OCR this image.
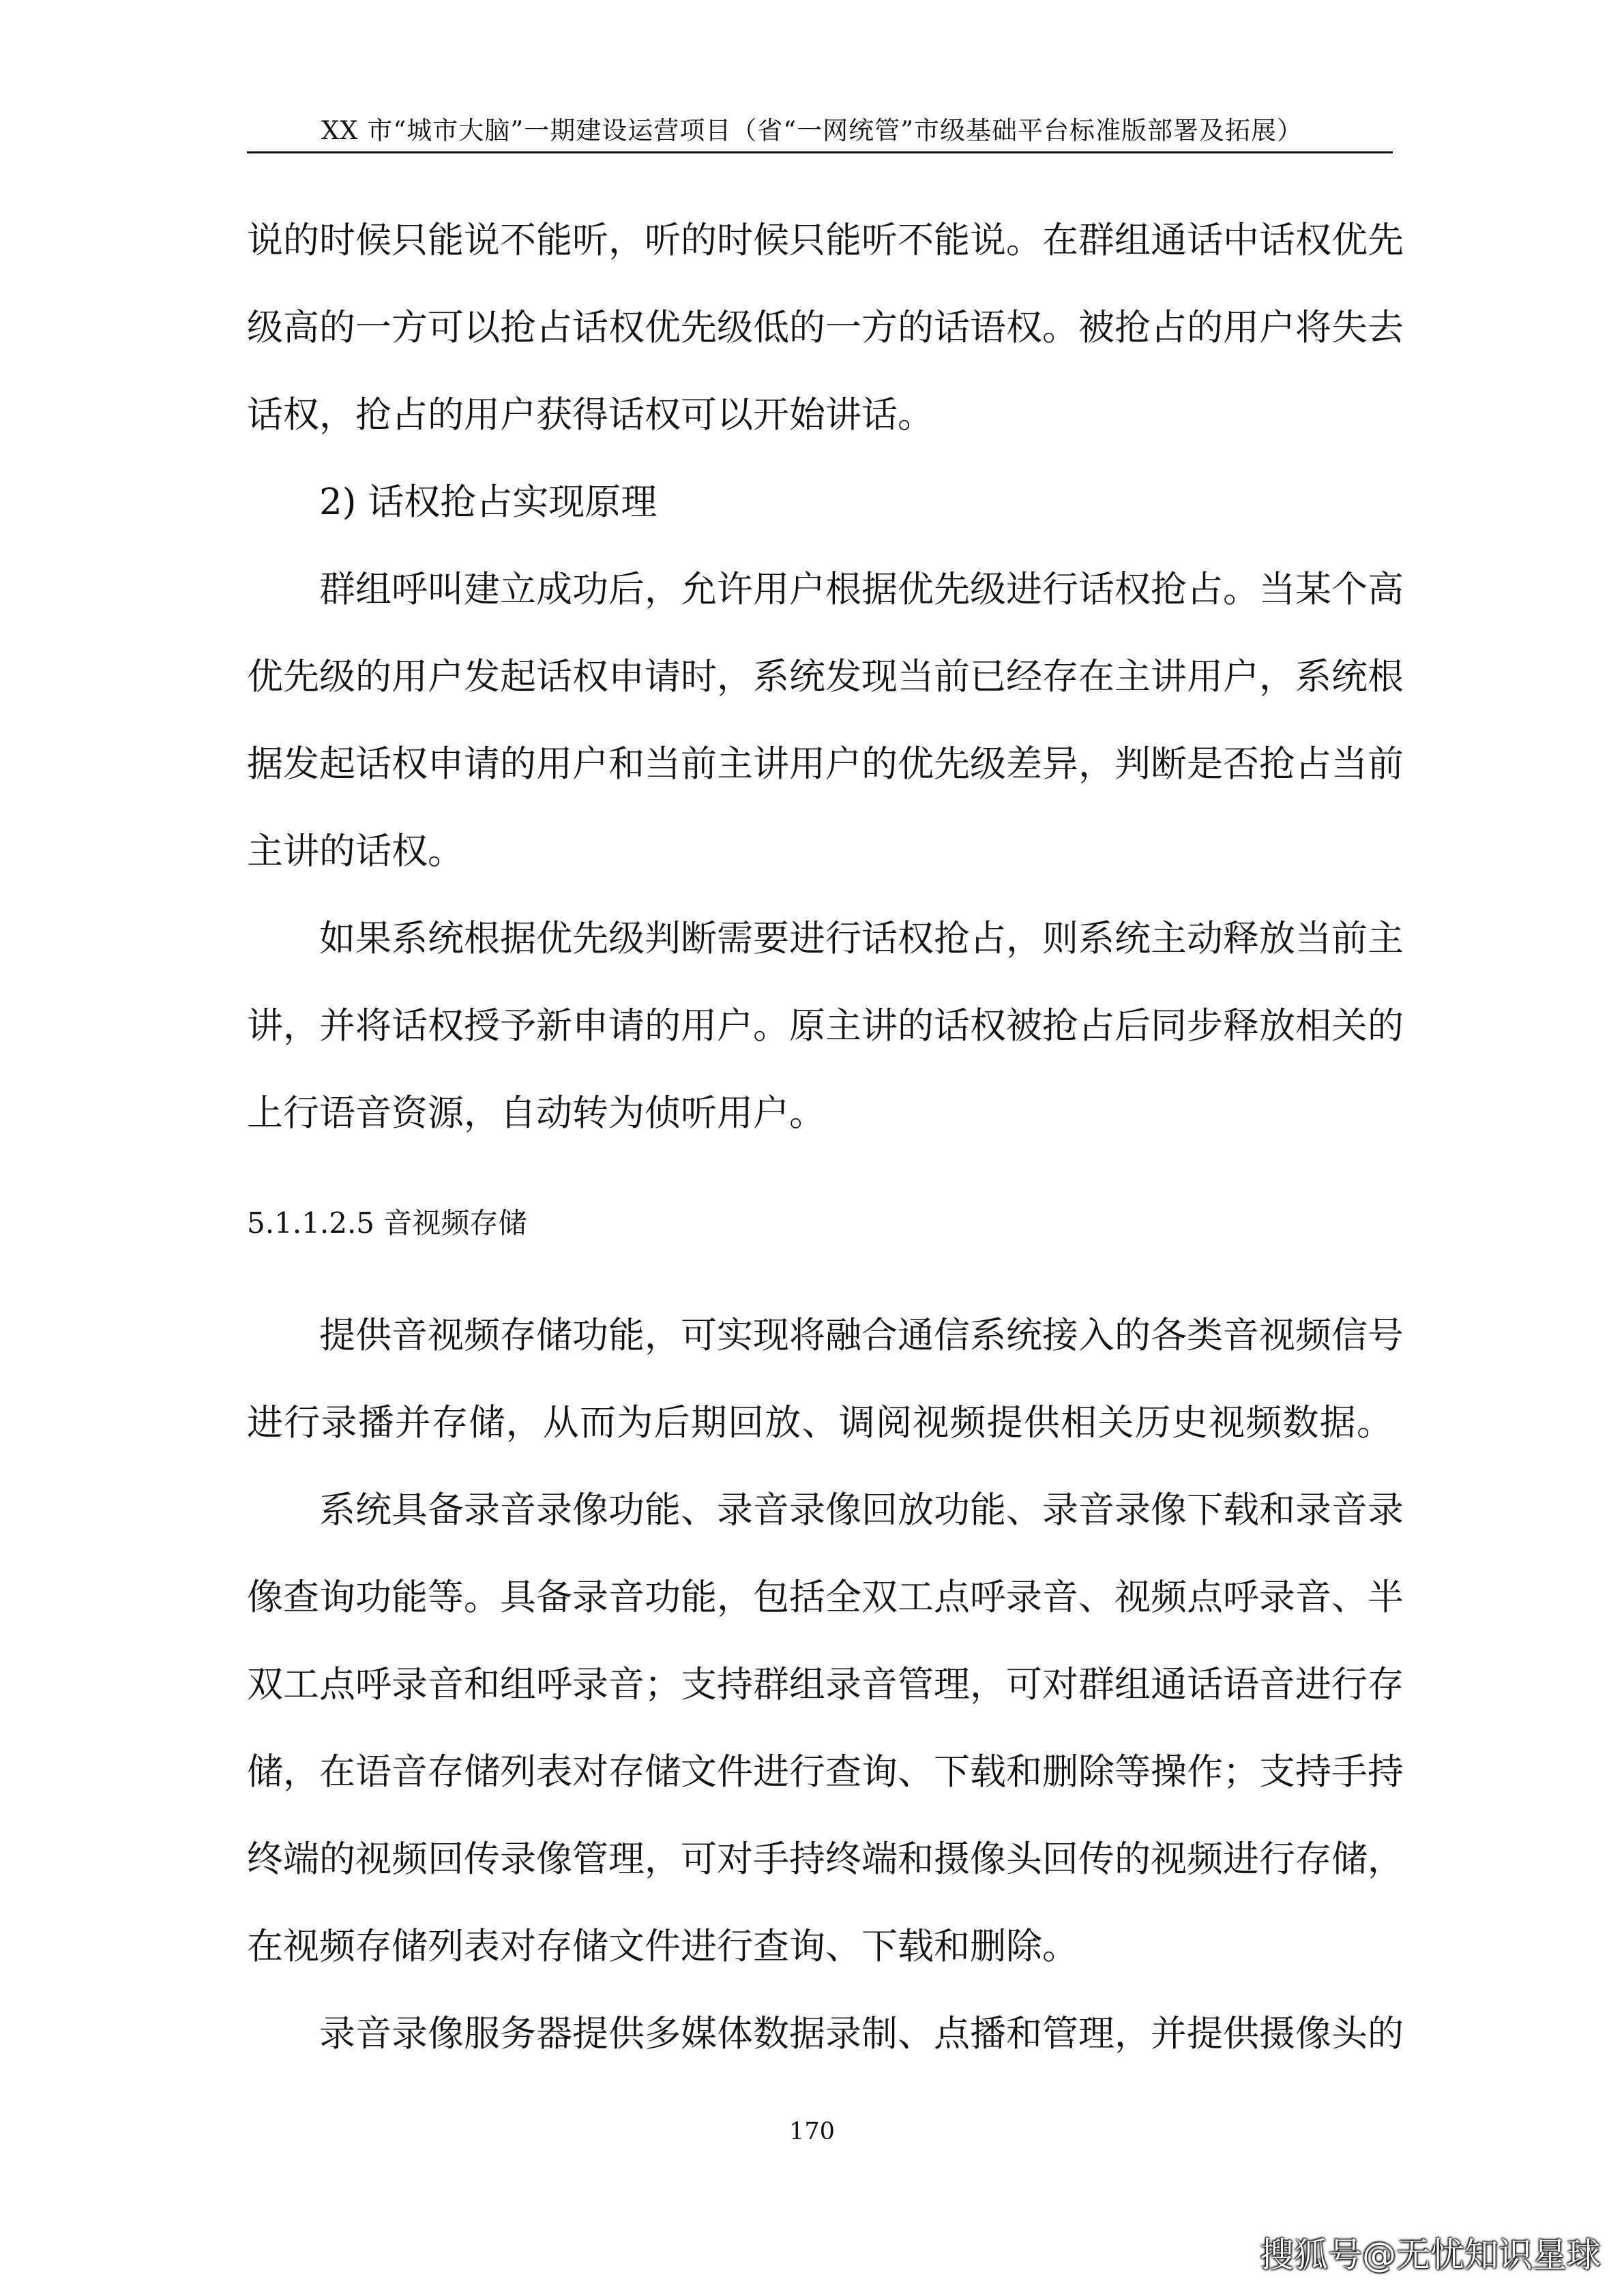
XX 市“城市大脑”一期建设运营项目（省“一网统管”市级基础平台标准版部署及拓展）
说的时候只能说不能听，听的时候只能听不能说。在群组通话中话权优先
级高的一方可以抢占话权优先级低的一方的话语权。被抢占的用户将失去
话权，抢占的用户获得话权可以开始讲话。
2) 话权抢占实现原理
群组呼叫建立成功后，允许用户根据优先级进行话权抢占。当某个高
优先级的用户发起话权申请时，系统发现当前已经存在主讲用户，系统根
据发起话权申请的用户和当前主讲用户的优先级差异，判断是否抢占当前
主讲的话权。
如果系统根据优先级判断需要进行话权抢占，则系统主动释放当前主
讲，并将话权授予新申请的用户。原主讲的话权被抢占后同步释放相关的
上行语音资源，自动转为侦听用户。
5.1.1.2.5 音视频存储
提供音视频存储功能，可实现将融合通信系统接入的各类音视频信号
进行录播并存储，从而为后期回放、调阅视频提供相关历史视频数据。
系统具备录音录像功能、录音录像回放功能、录音录像下载和录音录
像查询功能等。具备录音功能，包括全双工点呼录音、视频点呼录音、半
双工点呼录音和组呼录音；支持群组录音管理，可对群组通话语音进行存
储，在语音存储列表对存储文件进行查询、下载和删除等操作；支持手持
终端的视频回传录像管理，可对手持终端和摄像头回传的视频进行存储，
在视频存储列表对存储文件进行查询、下载和删除。
录音录像服务器提供多媒体数据录制、点播和管理，并提供摄像头的
170
搜狐号@无忧知识星球
